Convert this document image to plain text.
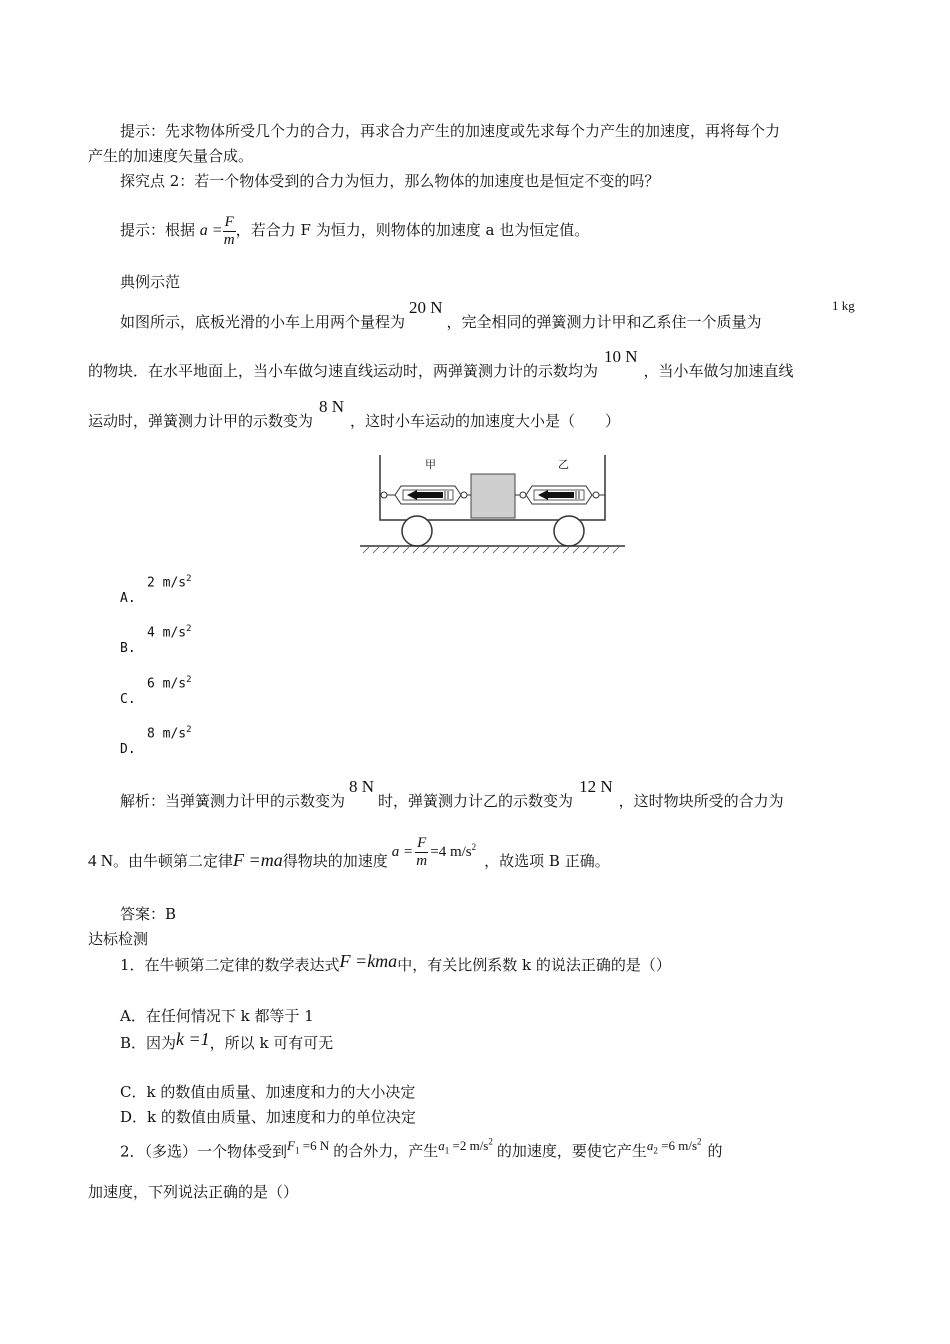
提示：先求物体所受几个力的合力，再求合力产生的加速度或先求每个力产生的加速度，再将每个力
产生的加速度矢量合成。
探究点 2：若一个物体受到的合力为恒力，那么物体的加速度也是恒定不变的吗？
提示：根据 $a = \frac{F}{m}$ ，若合力 F 为恒力，则物体的加速度 a 也为恒定值。
典例示范
如图所示，底板光滑的小车上用两个量程为20 N，完全相同的弹簧测力计甲和乙系住一个质量为
1 kg
的物块．在水平地面上，当小车做匀速直线运动时，两弹簧测力计的示数均为10 N，当小车做匀加速直线
运动时，弹簧测力计甲的示数变为8 N，这时小车运动的加速度大小是（　　）
甲	乙
A.
2 $m/s^2$
B.
4 $m/s^2$
C.
6 $m/s^2$
D.
8 $m/s^2$
解析：当弹簧测力计甲的示数变为8 N时，弹簧测力计乙的示数变为12 N，这时物块所受的合力为
4 N。由牛顿第二定律F =ma得物块的加速度 $a = \frac{F}{m} =4$ $m/s^2$，故选项 B 正确。
答案：B
达标检测
1．在牛顿第二定律的数学表达式F =kma中，有关比例系数 k 的说法正确的是（）
A．在任何情况下 k 都等于 1
B．因为k =1，所以 k 可有可无
C．k 的数值由质量、加速度和力的大小决定
D．k 的数值由质量、加速度和力的单位决定
2．（多选）一个物体受到$F_1 =6$ N 的合外力，产生$a_1 =2$ $m/s^2$的加速度，要使它产生$a_2 =6$ $m/s^2$的
加速度，下列说法正确的是（）
